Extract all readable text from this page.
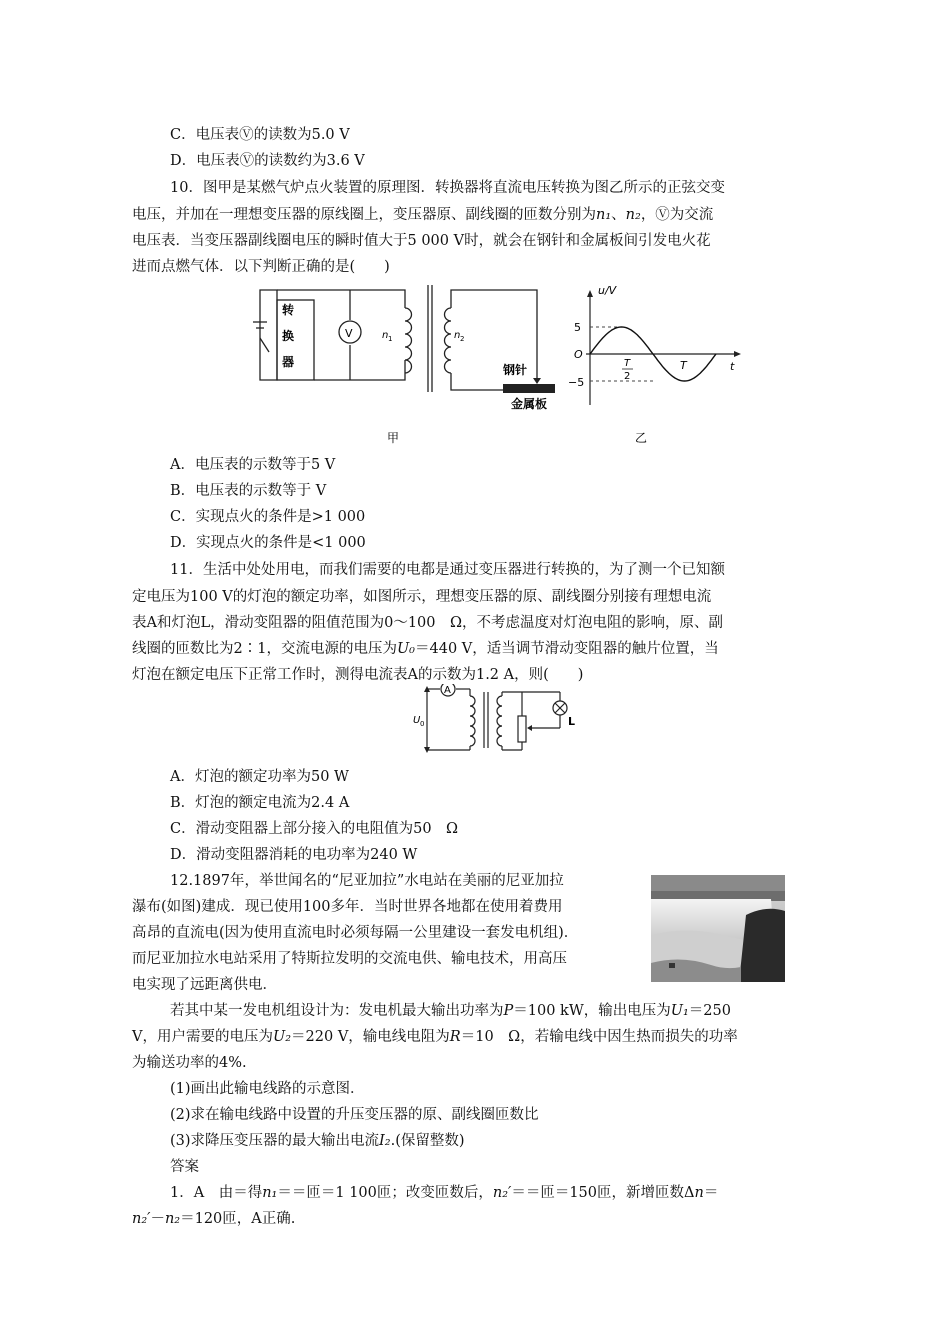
C．电压表Ⓥ的读数为5.0 V
D．电压表Ⓥ的读数约为3.6 V
10．图甲是某燃气炉点火装置的原理图．转换器将直流电压转换为图乙所示的正弦交变
电压，并加在一理想变压器的原线圈上，变压器原、副线圈的匝数分别为n₁、n₂，Ⓥ为交流
电压表．当变压器副线圈电压的瞬时值大于5 000 V时，就会在钢针和金属板间引发电火花
进而点燃气体．以下判断正确的是(　　)
转
换
器
V	n 1	n 2
钢针
金属板
甲
u/V
t
5
−5
O
T
2
T
乙
A．电压表的示数等于5 V
B．电压表的示数等于 V
C．实现点火的条件是>1 000
D．实现点火的条件是<1 000
11．生活中处处用电，而我们需要的电都是通过变压器进行转换的，为了测一个已知额
定电压为100 V的灯泡的额定功率，如图所示，理想变压器的原、副线圈分别接有理想电流
表A和灯泡L，滑动变阻器的阻值范围为0～100　Ω，不考虑温度对灯泡电阻的影响，原、副
线圈的匝数比为2∶1，交流电源的电压为U₀＝440 V，适当调节滑动变阻器的触片位置，当
灯泡在额定电压下正常工作时，测得电流表A的示数为1.2 A，则(　　)
A
U 0	L
A．灯泡的额定功率为50 W
B．灯泡的额定电流为2.4 A
C．滑动变阻器上部分接入的电阻值为50　Ω
D．滑动变阻器消耗的电功率为240 W
12.1897年，举世闻名的“尼亚加拉”水电站在美丽的尼亚加拉
瀑布(如图)建成．现已使用100多年．当时世界各地都在使用着费用
高昂的直流电(因为使用直流电时必须每隔一公里建设一套发电机组)．
而尼亚加拉水电站采用了特斯拉发明的交流电供、输电技术，用高压
电实现了远距离供电．
若其中某一发电机组设计为：发电机最大输出功率为P＝100 kW，输出电压为U₁＝250
V，用户需要的电压为U₂＝220 V，输电线电阻为R＝10　Ω，若输电线中因生热而损失的功率
为输送功率的4%.
(1)画出此输电线路的示意图．
(2)求在输电线路中设置的升压变压器的原、副线圈匝数比
(3)求降压变压器的最大输出电流I₂.(保留整数)
答案
1．A　由＝得n₁＝＝匝＝1 100匝；改变匝数后，n₂′＝＝匝＝150匝，新增匝数Δn＝
n₂′－n₂＝120匝，A正确.
